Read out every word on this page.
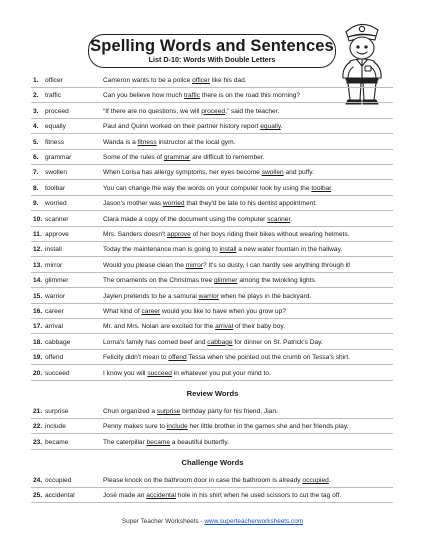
Spelling Words and Sentences
List D-10: Words With Double Letters
1. officer	Cameron wants to be a police officer like his dad.
2. traffic	Can you believe how much traffic there is on the road this morning?
3. proceed	“If there are no questions, we will proceed,” said the teacher.
4. equally	Paul and Quinn worked on their partner history report equally.
5. fitness	Wanda is a fitness instructor at the local gym.
6. grammar	Some of the rules of grammar are difficult to remember.
7. swollen	When Lorisa has allergy symptoms, her eyes become swollen and puffy.
8. toolbar	You can change the way the words on your computer look by using the toolbar.
9. worried	Jason's mother was worried that they'd be late to his dentist appointment.
10. scanner	Clara made a copy of the document using the computer scanner.
11. approve	Mrs. Sanders doesn't approve of her boys riding their bikes without wearing helmets.
12. install	Today the maintenance man is going to install a new water fountain in the hallway.
13. mirror	Would you please clean the mirror? It's so dusty, I can hardly see anything through it!
14. glimmer	The ornaments on the Christmas tree glimmer among the twinkling lights.
15. warrior	Jaylen pretends to be a samurai warrior when he plays in the backyard.
16. career	What kind of career would you like to have when you grow up?
17. arrival	Mr. and Mrs. Nolan are excited for the arrival of their baby boy.
18. cabbage	Lorna's family has corned beef and cabbage for dinner on St. Patrick's Day.
19. offend	Felicity didn't mean to offend Tessa when she pointed out the crumb on Tessa's shirt.
20. succeed	I know you will succeed in whatever you put your mind to.
Review Words
21. surprise	Chun organized a surprise birthday party for his friend, Jian.
22. include	Penny makes sure to include her little brother in the games she and her friends play.
23. became	The caterpillar became a beautiful butterfly.
Challenge Words
24. occupied	Please knock on the bathroom door in case the bathroom is already occupied.
25. accidental	José made an accidental hole in his shirt when he used scissors to cut the tag off.
Super Teacher Worksheets - www.superteacherworksheets.com
